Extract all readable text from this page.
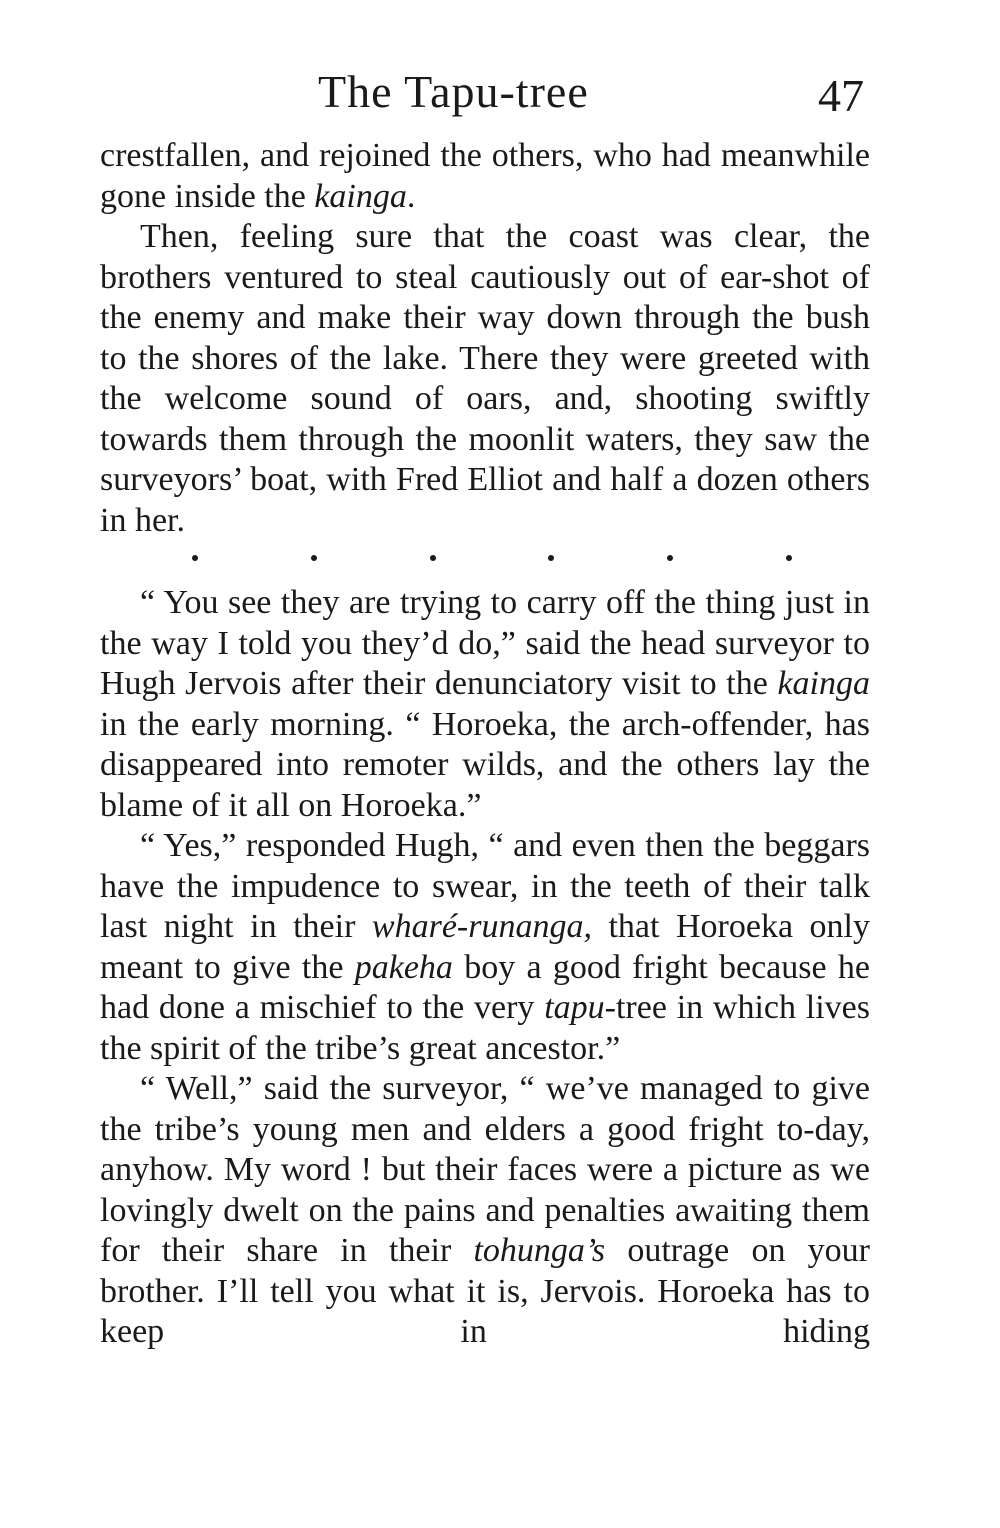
The Tapu-tree	47

crestfallen, and rejoined the others, who had meanwhile gone inside the kainga.

Then, feeling sure that the coast was clear, the brothers ventured to steal cautiously out of ear-shot of the enemy and make their way down through the bush to the shores of the lake. There they were greeted with the welcome sound of oars, and, shooting swiftly towards them through the moonlit waters, they saw the surveyors’ boat, with Fred Elliot and half a dozen others in her.

“ You see they are trying to carry off the thing just in the way I told you they’d do,” said the head surveyor to Hugh Jervois after their denunciatory visit to the kainga in the early morning. “ Horoeka, the arch-offender, has disappeared into remoter wilds, and the others lay the blame of it all on Horoeka.”

“ Yes,” responded Hugh, “ and even then the beggars have the impudence to swear, in the teeth of their talk last night in their wharé-runanga, that Horoeka only meant to give the pakeha boy a good fright because he had done a mischief to the very tapu-tree in which lives the spirit of the tribe’s great ancestor.”

“ Well,” said the surveyor, “ we’ve managed to give the tribe’s young men and elders a good fright to-day, anyhow. My word ! but their faces were a picture as we lovingly dwelt on the pains and penalties awaiting them for their share in their tohunga’s outrage on your brother. I’ll tell you what it is, Jervois. Horoeka has to keep in hiding
